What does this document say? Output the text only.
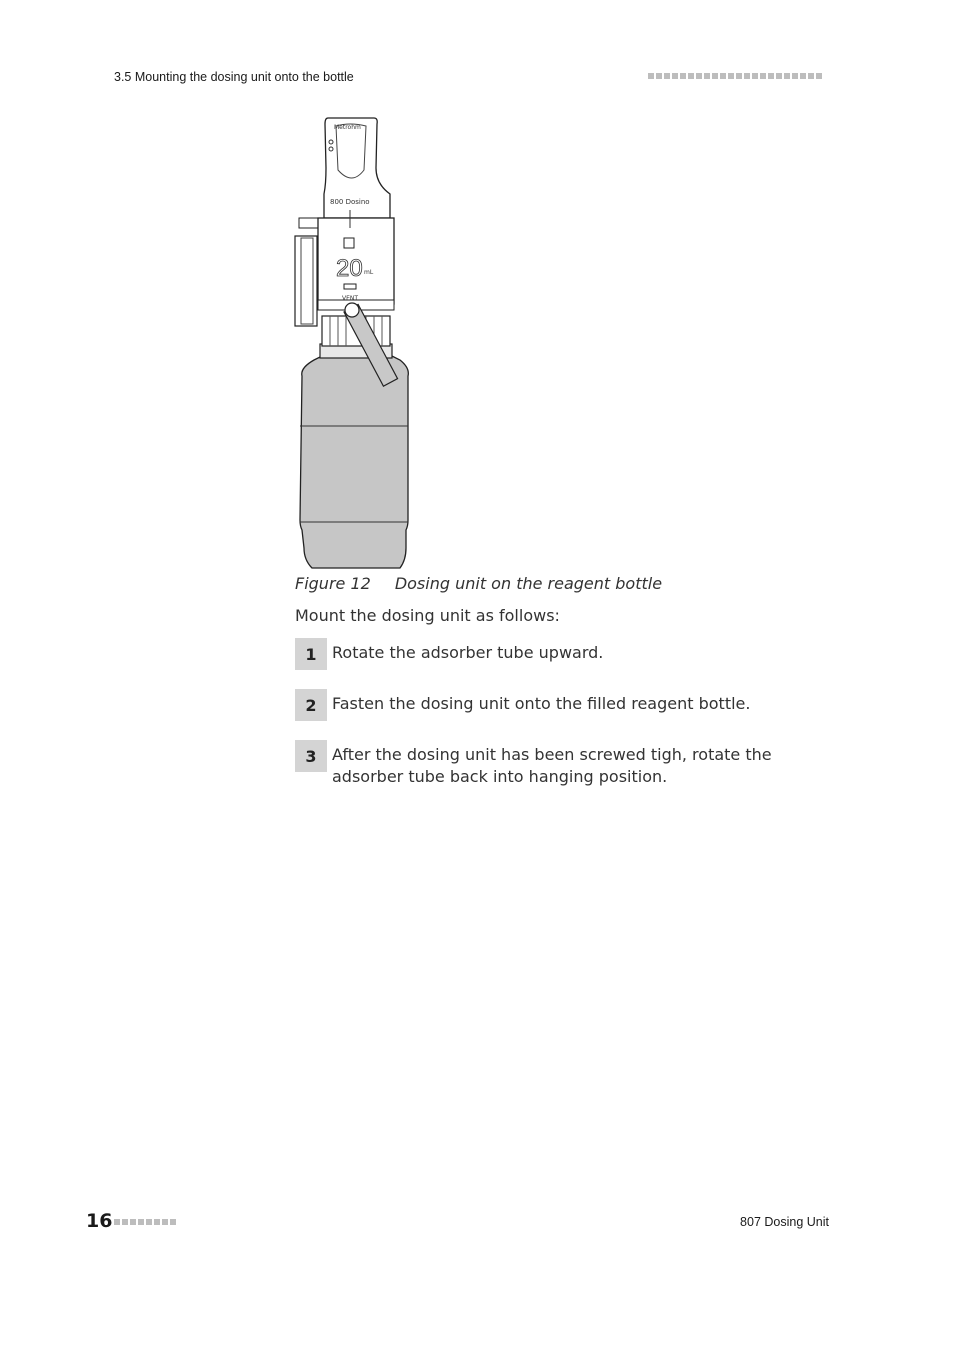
3.5 Mounting the dosing unit onto the bottle
Metrohm
800 Dosino
20 mL
VENT
Figure 12 Dosing unit on the reagent bottle
Mount the dosing unit as follows:
1 Rotate the adsorber tube upward.
2 Fasten the dosing unit onto the filled reagent bottle.
3 After the dosing unit has been screwed tigh, rotate the adsorber tube back into hanging position.
16	807 Dosing Unit
